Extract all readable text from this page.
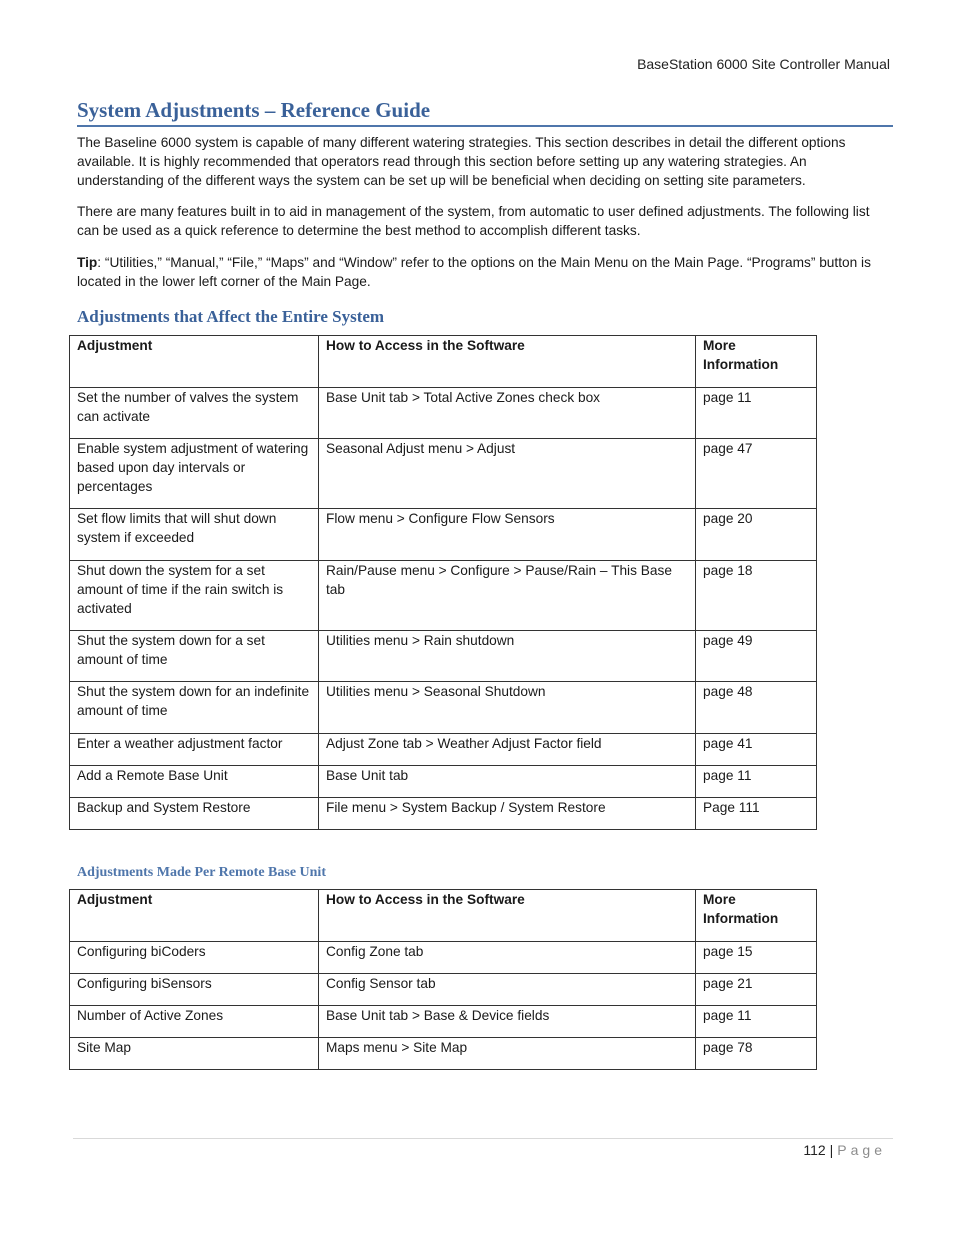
BaseStation 6000 Site Controller Manual
System Adjustments – Reference Guide

The Baseline 6000 system is capable of many different watering strategies. This section describes in detail the different options available. It is highly recommended that operators read through this section before setting up any watering strategies. An understanding of the different ways the system can be set up will be beneficial when deciding on setting site parameters.

There are many features built in to aid in management of the system, from automatic to user defined adjustments. The following list can be used as a quick reference to determine the best method to accomplish different tasks.

Tip: “Utilities,” “Manual,” “File,” “Maps” and “Window” refer to the options on the Main Menu on the Main Page. “Programs” button is located in the lower left corner of the Main Page.

Adjustments that Affect the Entire System
Adjustment	How to Access in the Software	More Information
Set the number of valves the system can activate	Base Unit tab > Total Active Zones check box	page 11
Enable system adjustment of watering based upon day intervals or percentages	Seasonal Adjust menu > Adjust	page 47
Set flow limits that will shut down system if exceeded	Flow menu > Configure Flow Sensors	page 20
Shut down the system for a set amount of time if the rain switch is activated	Rain/Pause menu > Configure > Pause/Rain – This Base tab	page 18
Shut the system down for a set amount of time	Utilities menu > Rain shutdown	page 49
Shut the system down for an indefinite amount of time	Utilities menu > Seasonal Shutdown	page 48
Enter a weather adjustment factor	Adjust Zone tab > Weather Adjust Factor field	page 41
Add a Remote Base Unit	Base Unit tab	page 11
Backup and System Restore	File menu > System Backup / System Restore	Page 111
Adjustments Made Per Remote Base Unit
Adjustment	How to Access in the Software	More Information
Configuring biCoders	Config Zone tab	page 15
Configuring biSensors	Config Sensor tab	page 21
Number of Active Zones	Base Unit tab > Base & Device fields	page 11
Site Map	Maps menu > Site Map	page 78
112 | Page
